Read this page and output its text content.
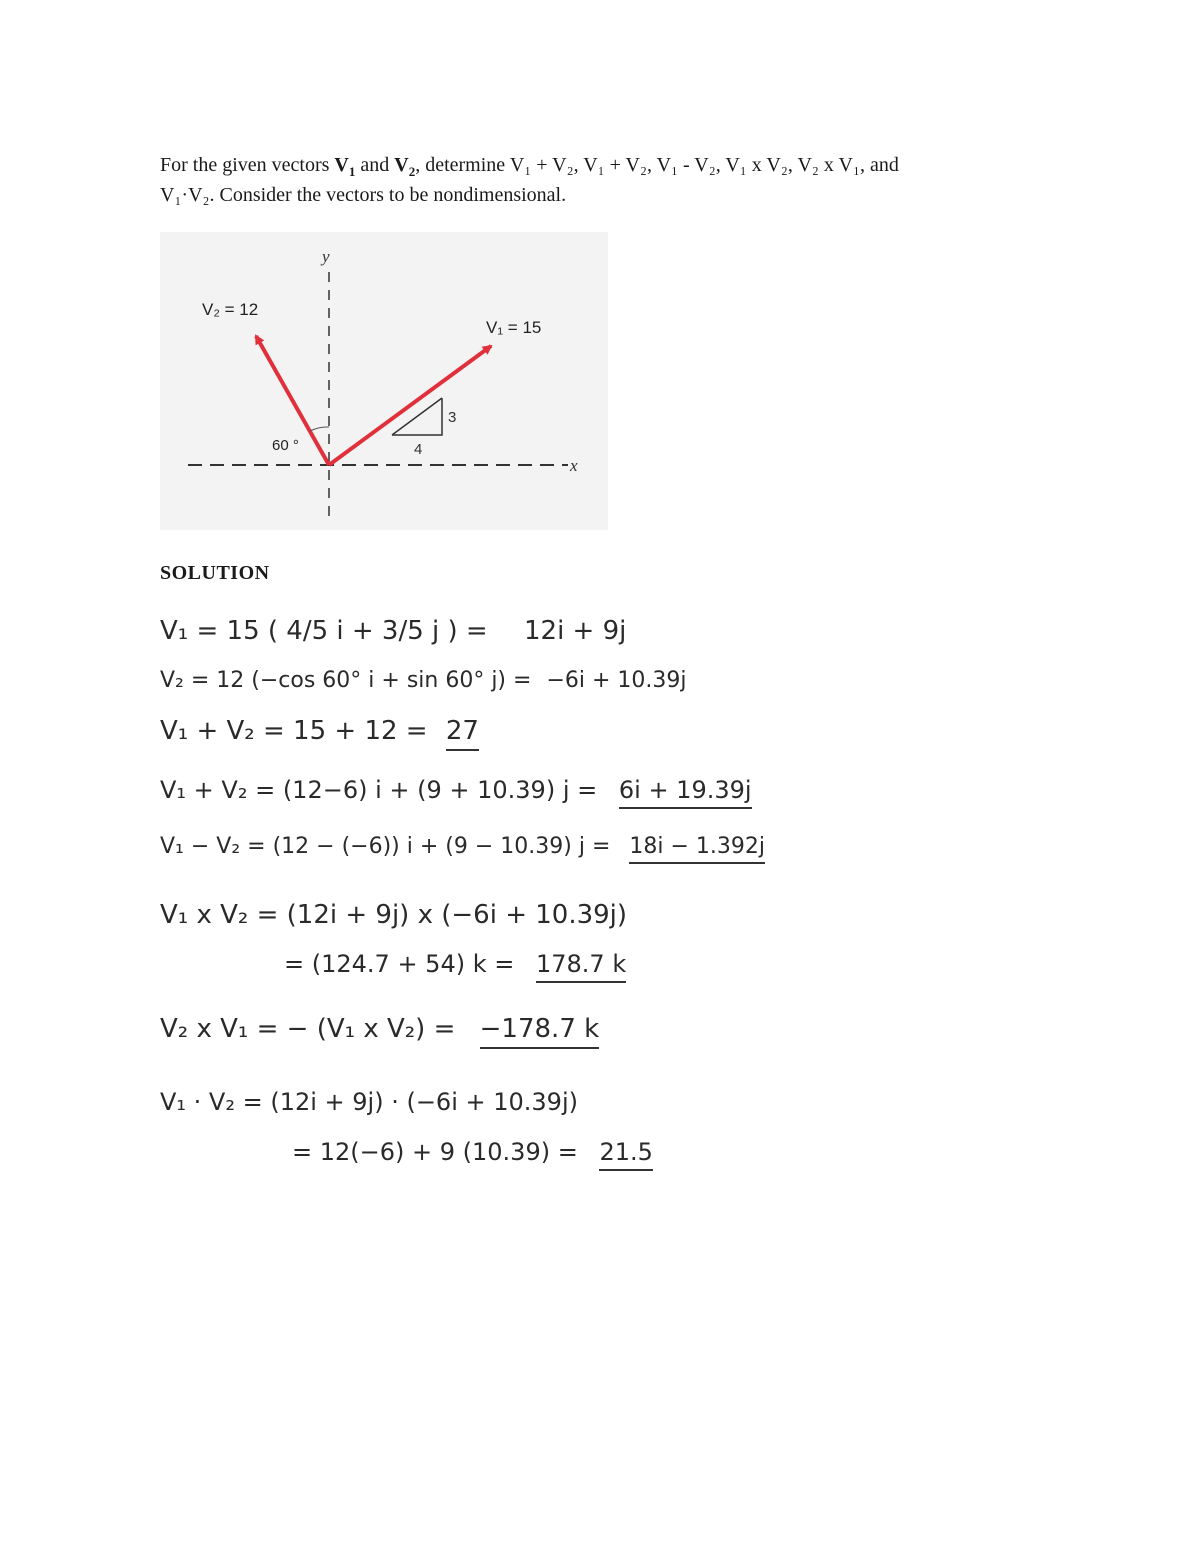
For the given vectors $V_1$ and $V_2$, determine V₁ + V₂, V₁ + V₂, V₁ - V₂, V₁ x V₂, V₂ x V₁, and
V₁·V₂. Consider the vectors to be nondimensional.
y
x
4
3
60 °
V₂ = 12
V₁ = 15
SOLUTION
V₁ = 15 ( 4/5 i + 3/5 j ) = 12i + 9j
V₂ = 12 (−cos 60° i + sin 60° j) = −6i + 10.39j
V₁ + V₂ = 15 + 12 = 27
V₁ + V₂ = (12−6) i + (9 + 10.39) j = 6i + 19.39j
V₁ − V₂ = (12 − (−6)) i + (9 − 10.39) j = 18i − 1.392j
V₁ x V₂ = (12i + 9j) x (−6i + 10.39j)
= (124.7 + 54) k = 178.7 k
V₂ x V₁ = − (V₁ x V₂) = −178.7 k
V₁ · V₂ = (12i + 9j) · (−6i + 10.39j)
= 12(−6) + 9 (10.39) = 21.5
